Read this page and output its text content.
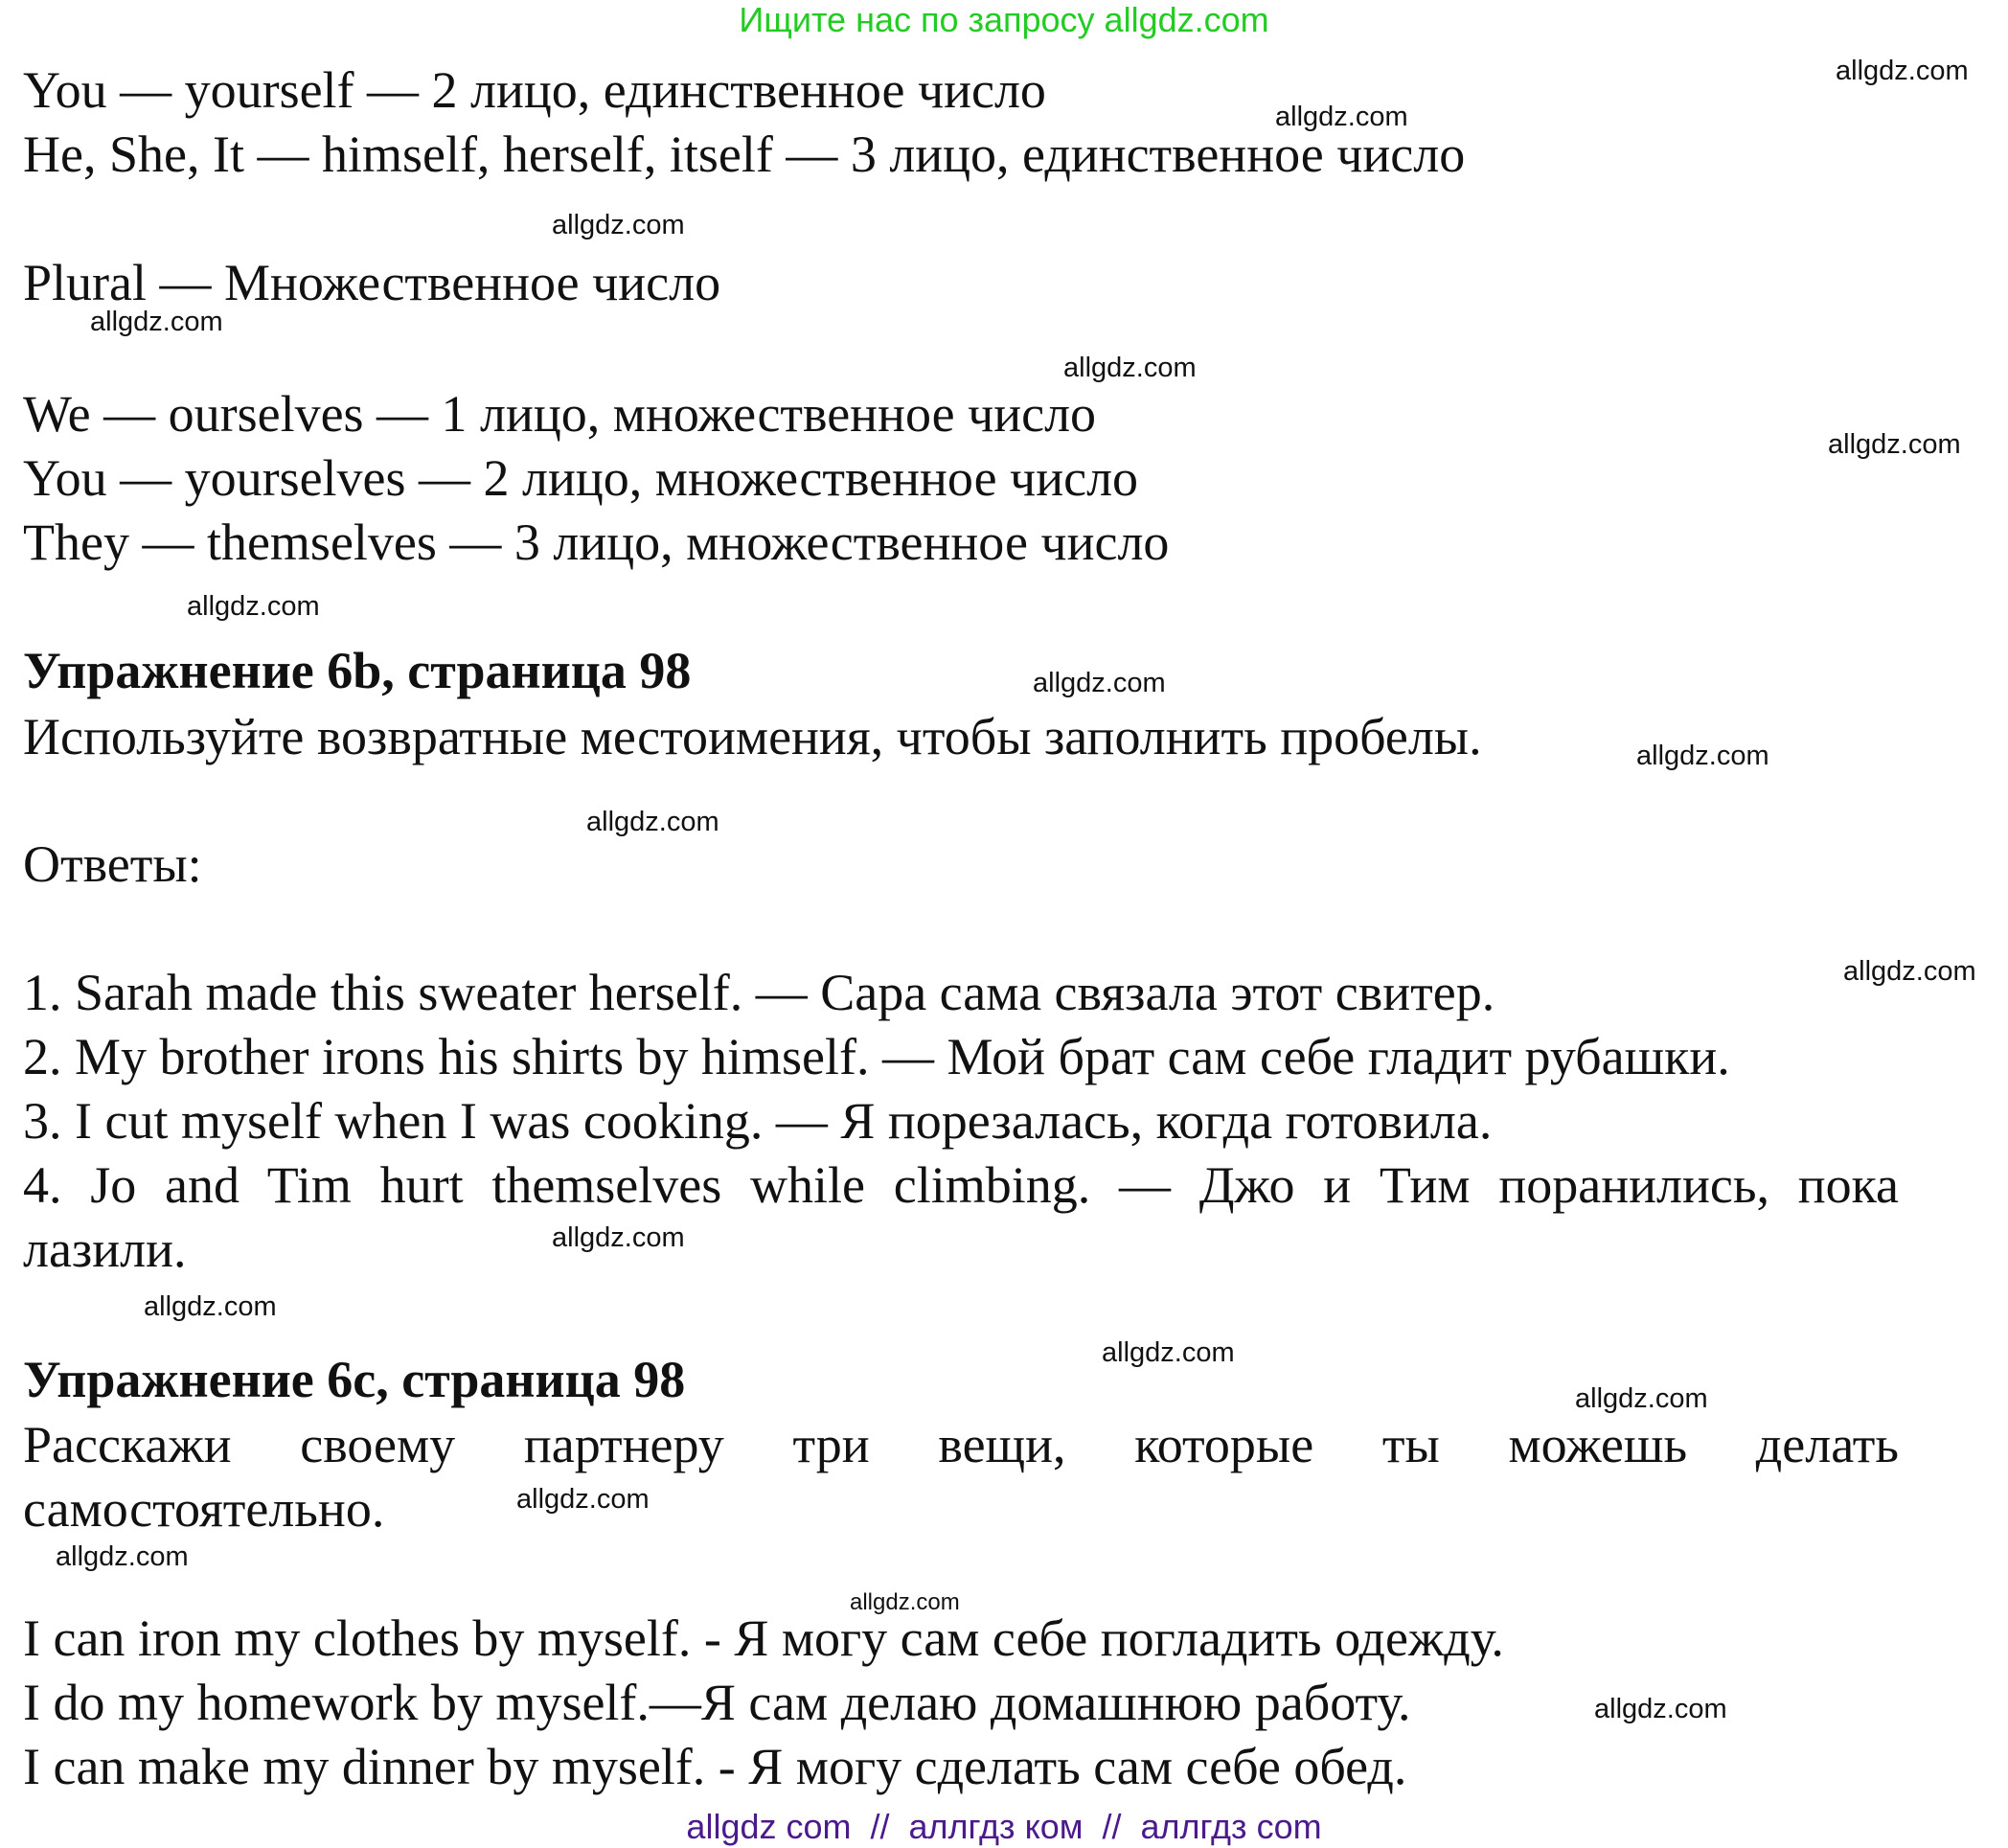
Ищите нас по запросу allgdz.com
You — yourself — 2 лицо, единственное число
He, She, It — himself, herself, itself — 3 лицо, единственное число
Plural — Множественное число
We — ourselves — 1 лицо, множественное число
You — yourselves — 2 лицо, множественное число
They — themselves — 3 лицо, множественное число
Упражнение 6b, страница 98
Используйте возвратные местоимения, чтобы заполнить пробелы.
Ответы:
1. Sarah made this sweater herself. — Сара сама связала этот свитер.
2. My brother irons his shirts by himself. — Мой брат сам себе гладит рубашки.
3. I cut myself when I was cooking. — Я порезалась, когда готовила.
4. Jo and Tim hurt themselves while climbing. — Джо и Тим поранились, пока
лазили.
Упражнение 6c, страница 98
Расскажи своему партнеру три вещи, которые ты можешь делать
самостоятельно.
I can iron my clothes by myself. - Я могу сам себе погладить одежду.
I do my homework by myself.—Я сам делаю домашнюю работу.
I can make my dinner by myself. - Я могу сделать сам себе обед.
allgdz.com
allgdz.com
allgdz.com
allgdz.com
allgdz.com
allgdz.com
allgdz.com
allgdz.com
allgdz.com
allgdz.com
allgdz.com
allgdz.com
allgdz.com
allgdz.com
allgdz.com
allgdz.com
allgdz.com
allgdz.com
allgdz.com
allgdz com  //  аллгдз ком  //  аллгдз com
